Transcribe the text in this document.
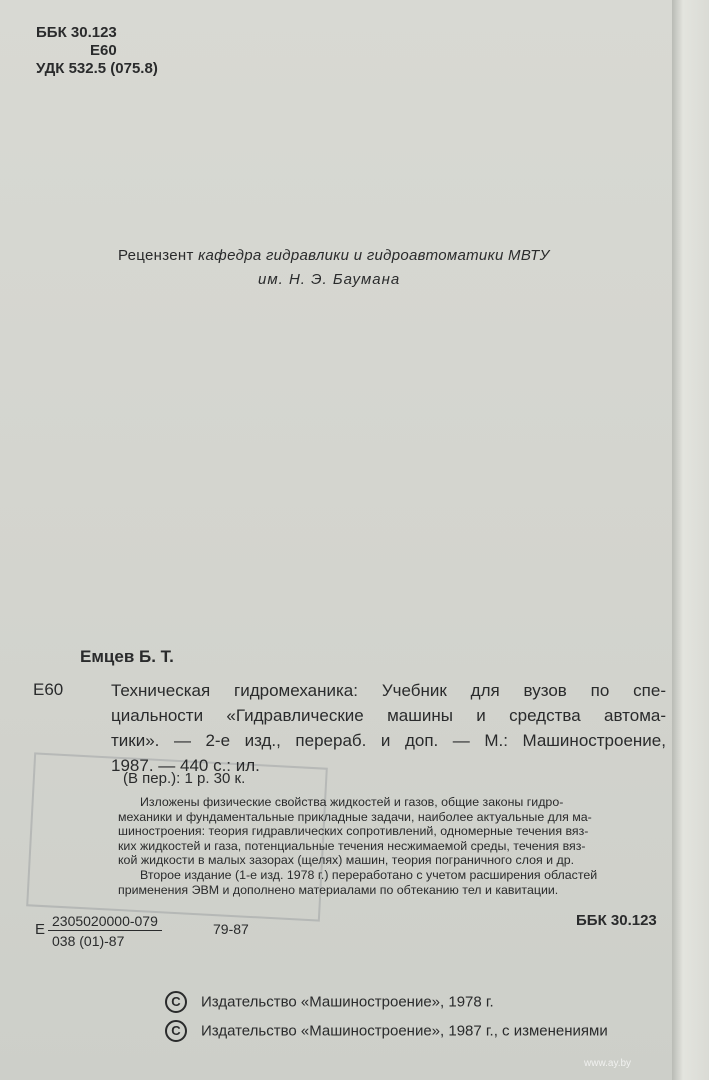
ББК 30.123
Е60
УДК 532.5 (075.8)
Рецензент кафедра гидравлики и гидроавтоматики МВТУ
им. Н. Э. Баумана
Емцев Б. Т.
Е60	Техническая гидромеханика: Учебник для вузов по спе-
циальности «Гидравлические машины и средства автома-
тики». — 2-е изд., перераб. и доп. — М.: Машиностроение,
1987. — 440 с.: ил.
(В пер.): 1 р. 30 к.
Изложены физические свойства жидкостей и газов, общие законы гидро-
механики и фундаментальные прикладные задачи, наиболее актуальные для ма-
шиностроения: теория гидравлических сопротивлений, одномерные течения вяз-
ких жидкостей и газа, потенциальные течения несжимаемой среды, течения вяз-
кой жидкости в малых зазорах (щелях) машин, теория пограничного слоя и др.
Второе издание (1-е изд. 1978 г.) переработано с учетом расширения областей
применения ЭВМ и дополнено материалами по обтеканию тел и кавитации.
Е $\frac{2305020000-079}{038 (01)-87}$	79-87	ББК 30.123
C Издательство «Машиностроение», 1978 г.
C Издательство «Машиностроение», 1987 г., с изменениями
www.ay.by
